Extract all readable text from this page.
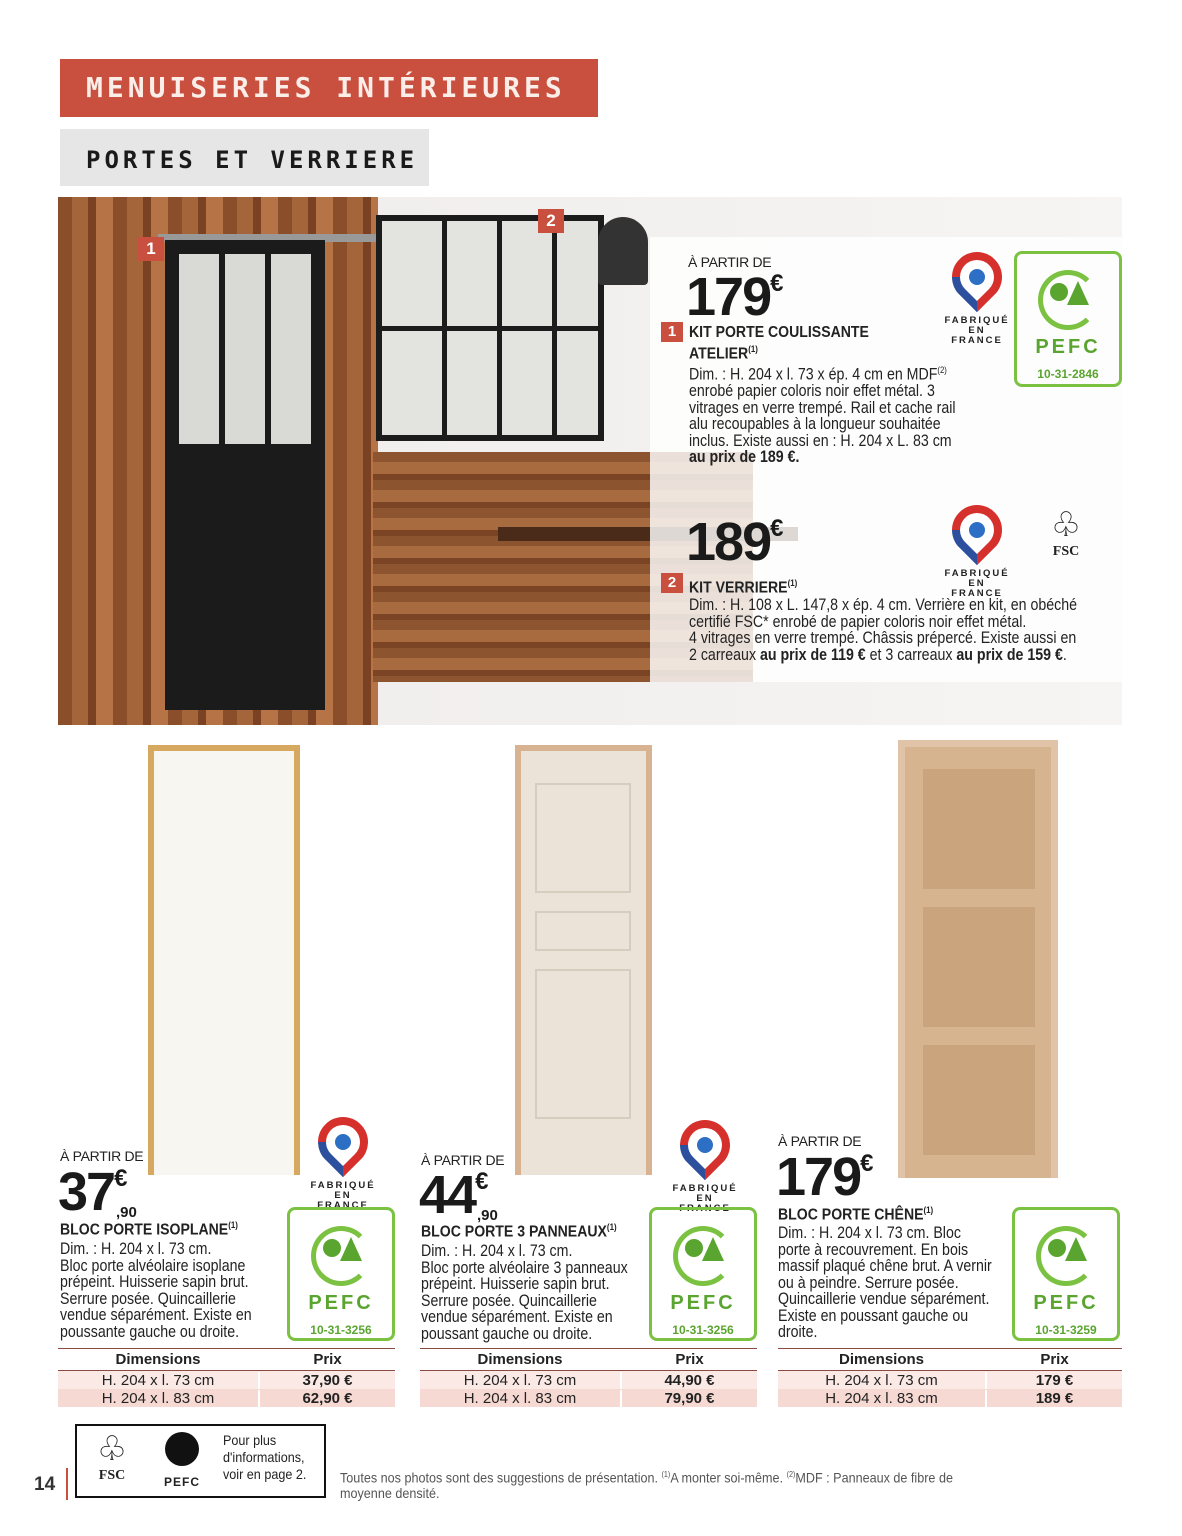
MENUISERIES INTÉRIEURES
PORTES ET VERRIERE
1
2
À PARTIR DE
179€
1 KIT PORTE COULISSANTE
ATELIER$^{(1)}$
Dim. : H. 204 x l. 73 x ép. 4 cm en MDF$^{(2)}$
enrobé papier coloris noir effet métal. 3
vitrages en verre trempé. Rail et cache rail
alu recoupables à la longueur souhaitée
inclus. Existe aussi en : H. 204 x L. 83 cm
au prix de 189 €.
FABRIQUÉ EN FRANCE	PEFC
10-31-2846
189€
2 KIT VERRIERE$^{(1)}$
Dim. : H. 108 x L. 147,8 x ép. 4 cm. Verrière en kit, en obéché
certifié FSC* enrobé de papier coloris noir effet métal.
4 vitrages en verre trempé. Châssis prépercé. Existe aussi en
2 carreaux au prix de 119 € et 3 carreaux au prix de 159 €.
FABRIQUÉ EN FRANCE
♧
FSC
À PARTIR DE
37€
,90
BLOC PORTE ISOPLANE$^{(1)}$
Dim. : H. 204 x l. 73 cm.
Bloc porte alvéolaire isoplane
prépeint. Huisserie sapin brut.
Serrure posée. Quincaillerie
vendue séparément. Existe en
poussante gauche ou droite.
FABRIQUÉ EN FRANCE
PEFC
10-31-3256
Dimensions	Prix
H. 204 x l. 73 cm	37,90 €
H. 204 x l. 83 cm	62,90 €
À PARTIR DE
44€
,90
BLOC PORTE 3 PANNEAUX$^{(1)}$
Dim. : H. 204 x l. 73 cm.
Bloc porte alvéolaire 3 panneaux
prépeint. Huisserie sapin brut.
Serrure posée. Quincaillerie
vendue séparément. Existe en
poussant gauche ou droite.
FABRIQUÉ EN FRANCE
PEFC
10-31-3256
Dimensions	Prix
H. 204 x l. 73 cm	44,90 €
H. 204 x l. 83 cm	79,90 €
À PARTIR DE
179€
BLOC PORTE CHÊNE$^{(1)}$
Dim. : H. 204 x l. 73 cm. Bloc
porte à recouvrement. En bois
massif plaqué chêne brut. A vernir
ou à peindre. Serrure posée.
Quincaillerie vendue séparément.
Existe en poussant gauche ou
droite.
PEFC
10-31-3259
Dimensions	Prix
H. 204 x l. 73 cm	179 €
H. 204 x l. 83 cm	189 €
14
♧
FSC	PEFC
Pour plus
d'informations,
voir en page 2. Toutes nos photos sont des suggestions de présentation. $^{(1)}$A monter soi-même. $^{(2)}$MDF : Panneaux de fibre de
moyenne densité.
